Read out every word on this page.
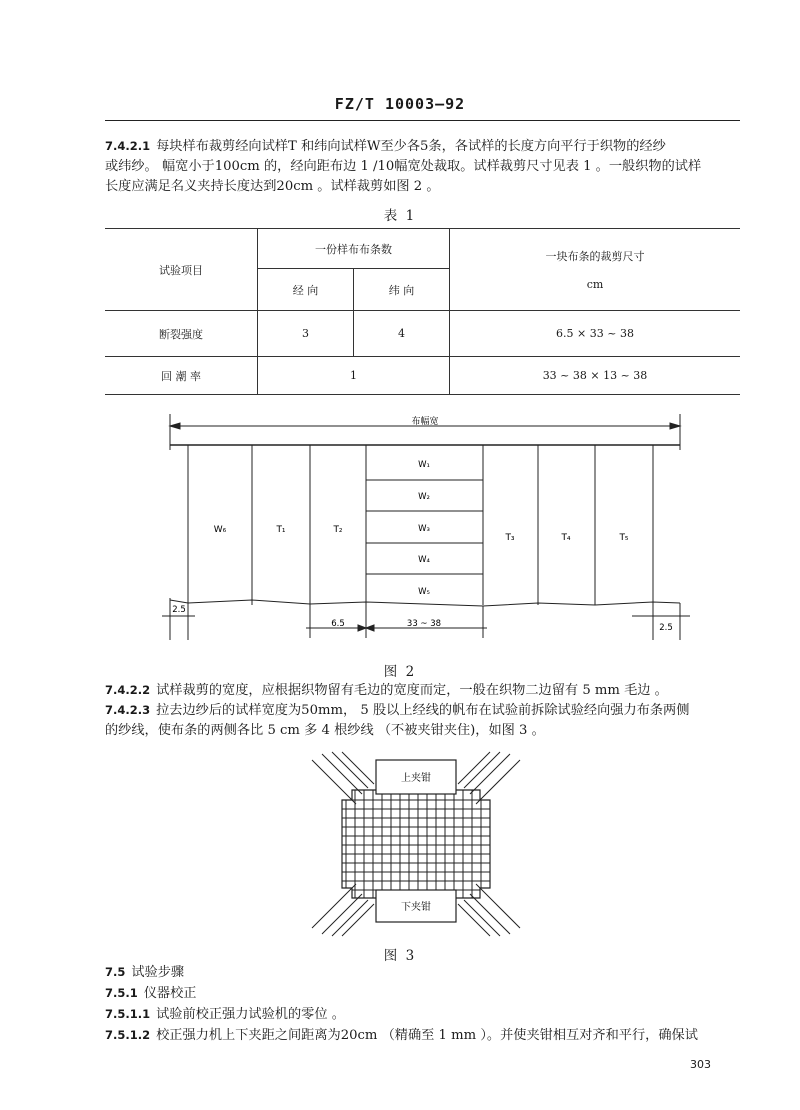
FZ/T 10003—92
7.4.2.1 每块样布裁剪经向试样T 和纬向试样W至少各5条，各试样的长度方向平行于织物的经纱
或纬纱。 幅宽小于100cm 的，经向距布边 1 /10幅宽处裁取。试样裁剪尺寸见表 1 。一般织物的试样
长度应满足名义夹持长度达到20cm 。试样裁剪如图 2 。
表 1
试验项目	一份样布布条数		一块布条的裁剪尺寸
cm

	经 向	纬 向	
断裂强度	3	4	6.5 × 33 ~ 38
回 潮 率	1		33 ~ 38 × 13 ~ 38
布幅宽
W₆	T₁	T₂
T₃	T₄	T₅
W₁
W₂
W₃
W₄
W₅
2.5
6.5	33 ~ 38	2.5
图 2
7.4.2.2 试样裁剪的宽度，应根据织物留有毛边的宽度而定，一般在织物二边留有 5 mm 毛边 。
7.4.2.3 拉去边纱后的试样宽度为50mm， 5 股以上经线的帆布在试验前拆除试验经向强力布条两侧
的纱线，使布条的两侧各比 5 cm 多 4 根纱线 （不被夹钳夹住)，如图 3 。
上夹钳
下夹钳
图 3
7.5 试验步骤
7.5.1 仪器校正
7.5.1.1 试验前校正强力试验机的零位 。
7.5.1.2 校正强力机上下夹距之间距离为20cm （精确至 1 mm ）。并使夹钳相互对齐和平行，确保试
303
